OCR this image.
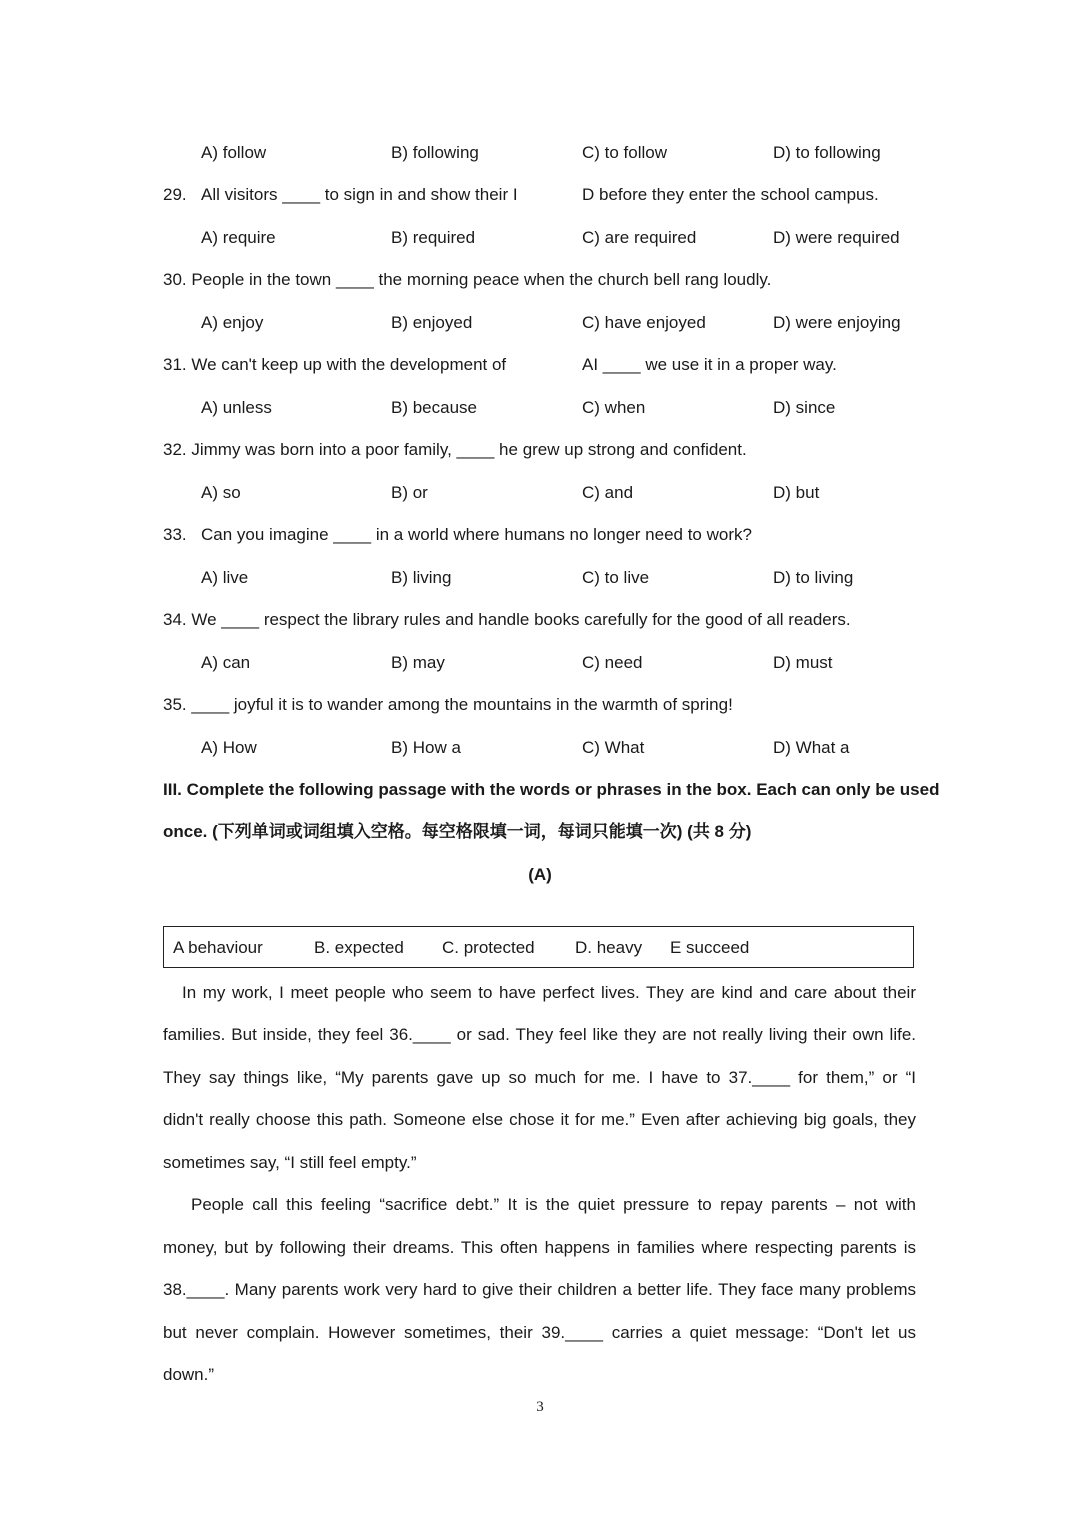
A) follow	B) following	C) to follow	D) to following
29. All visitors ____ to sign in and show their I	D before they enter the school campus.
A) require	B) required	C) are required	D) were required
30. People in the town ____ the morning peace when the church bell rang loudly.
A) enjoy	B) enjoyed	C) have enjoyed	D) were enjoying
31. We can't keep up with the development of	AI ____ we use it in a proper way.
A) unless	B) because	C) when	D) since
32. Jimmy was born into a poor family, ____ he grew up strong and confident.
A) so	B) or	C) and	D) but
33. Can you imagine ____ in a world where humans no longer need to work?
A) live	B) living	C) to live	D) to living
34. We ____ respect the library rules and handle books carefully for the good of all readers.
A) can	B) may	C) need	D) must
35. ____ joyful it is to wander among the mountains in the warmth of spring!
A) How	B) How a	C) What	D) What a
III. Complete the following passage with the words or phrases in the box. Each can only be used
once. (下列单词或词组填入空格。每空格限填一词，每词只能填一次) (共 8 分)
(A)
A behaviour	B. expected C. protected D. heavy E succeed
In my work, I meet people who seem to have perfect lives. They are kind and care about their
families. But inside, they feel 36.____ or sad. They feel like they are not really living their own life.
They say things like, “My parents gave up so much for me. I have to 37.____ for them,” or “I
didn't really choose this path. Someone else chose it for me.” Even after achieving big goals, they
sometimes say, “I still feel empty.”
People call this feeling “sacrifice debt.” It is the quiet pressure to repay parents – not with
money, but by following their dreams. This often happens in families where respecting parents is
38.____. Many parents work very hard to give their children a better life. They face many problems
but never complain. However sometimes, their 39.____ carries a quiet message: “Don't let us
down.”
3
